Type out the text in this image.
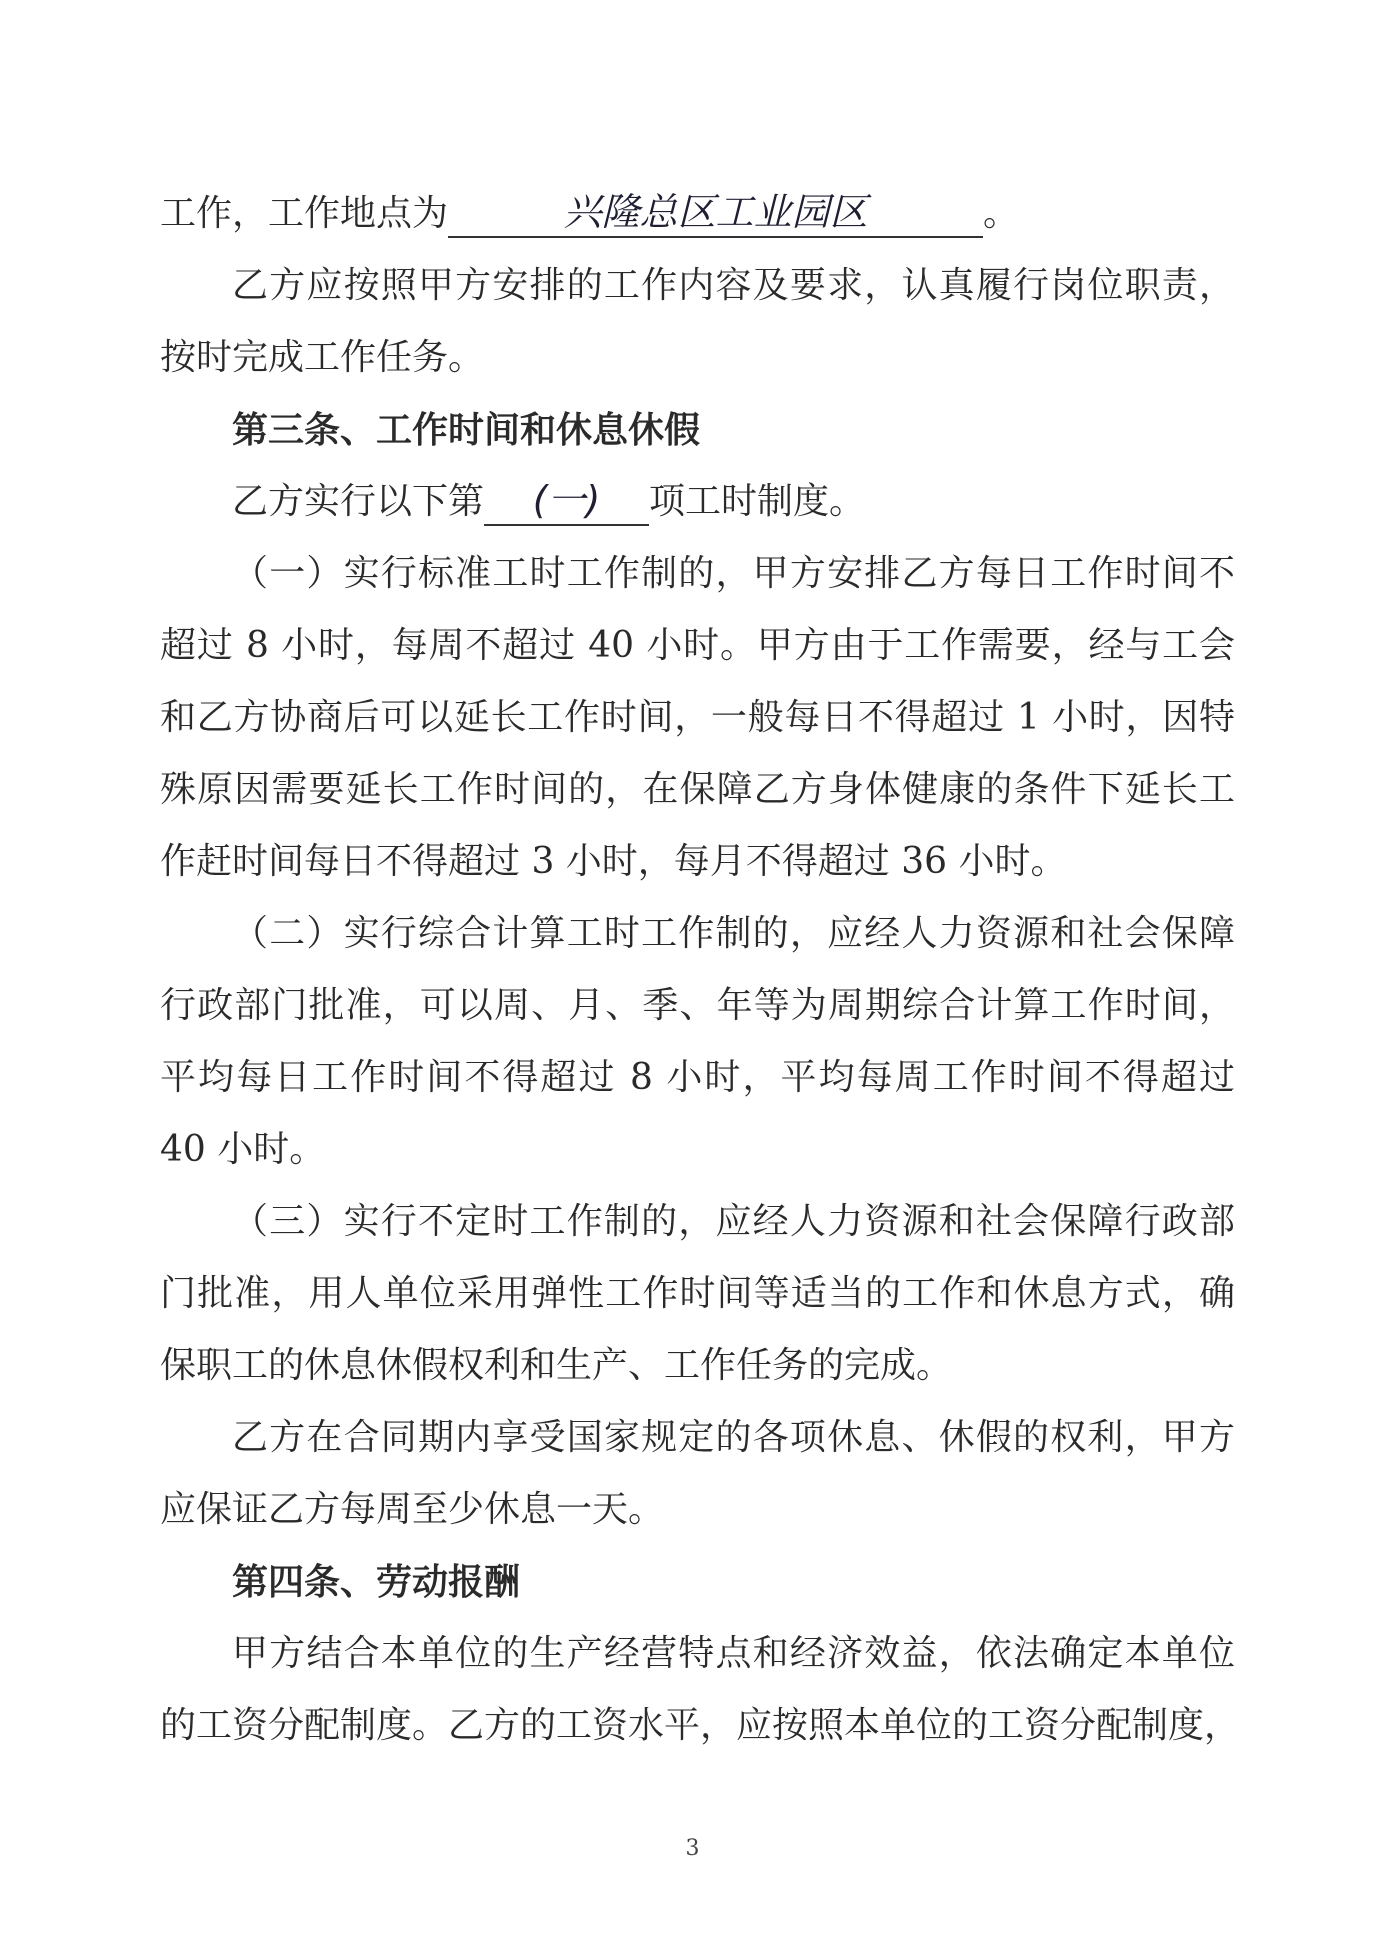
工作，工作地点为	兴隆总区工业园区	。
乙方应按照甲方安排的工作内容及要求，认真履行岗位职责，
按时完成工作任务。
第三条、工作时间和休息休假
乙方实行以下第	(一)	项工时制度。
（一）实行标准工时工作制的，甲方安排乙方每日工作时间不
超过 8 小时，每周不超过 40 小时。甲方由于工作需要，经与工会
和乙方协商后可以延长工作时间，一般每日不得超过 1 小时，因特
殊原因需要延长工作时间的，在保障乙方身体健康的条件下延长工
作赶时间每日不得超过 3 小时，每月不得超过 36 小时。
（二）实行综合计算工时工作制的，应经人力资源和社会保障
行政部门批准，可以周、月、季、年等为周期综合计算工作时间，
平均每日工作时间不得超过 8 小时，平均每周工作时间不得超过
40 小时。
（三）实行不定时工作制的，应经人力资源和社会保障行政部
门批准，用人单位采用弹性工作时间等适当的工作和休息方式，确
保职工的休息休假权利和生产、工作任务的完成。
乙方在合同期内享受国家规定的各项休息、休假的权利，甲方
应保证乙方每周至少休息一天。
第四条、劳动报酬
甲方结合本单位的生产经营特点和经济效益，依法确定本单位
的工资分配制度。乙方的工资水平，应按照本单位的工资分配制度，
3
